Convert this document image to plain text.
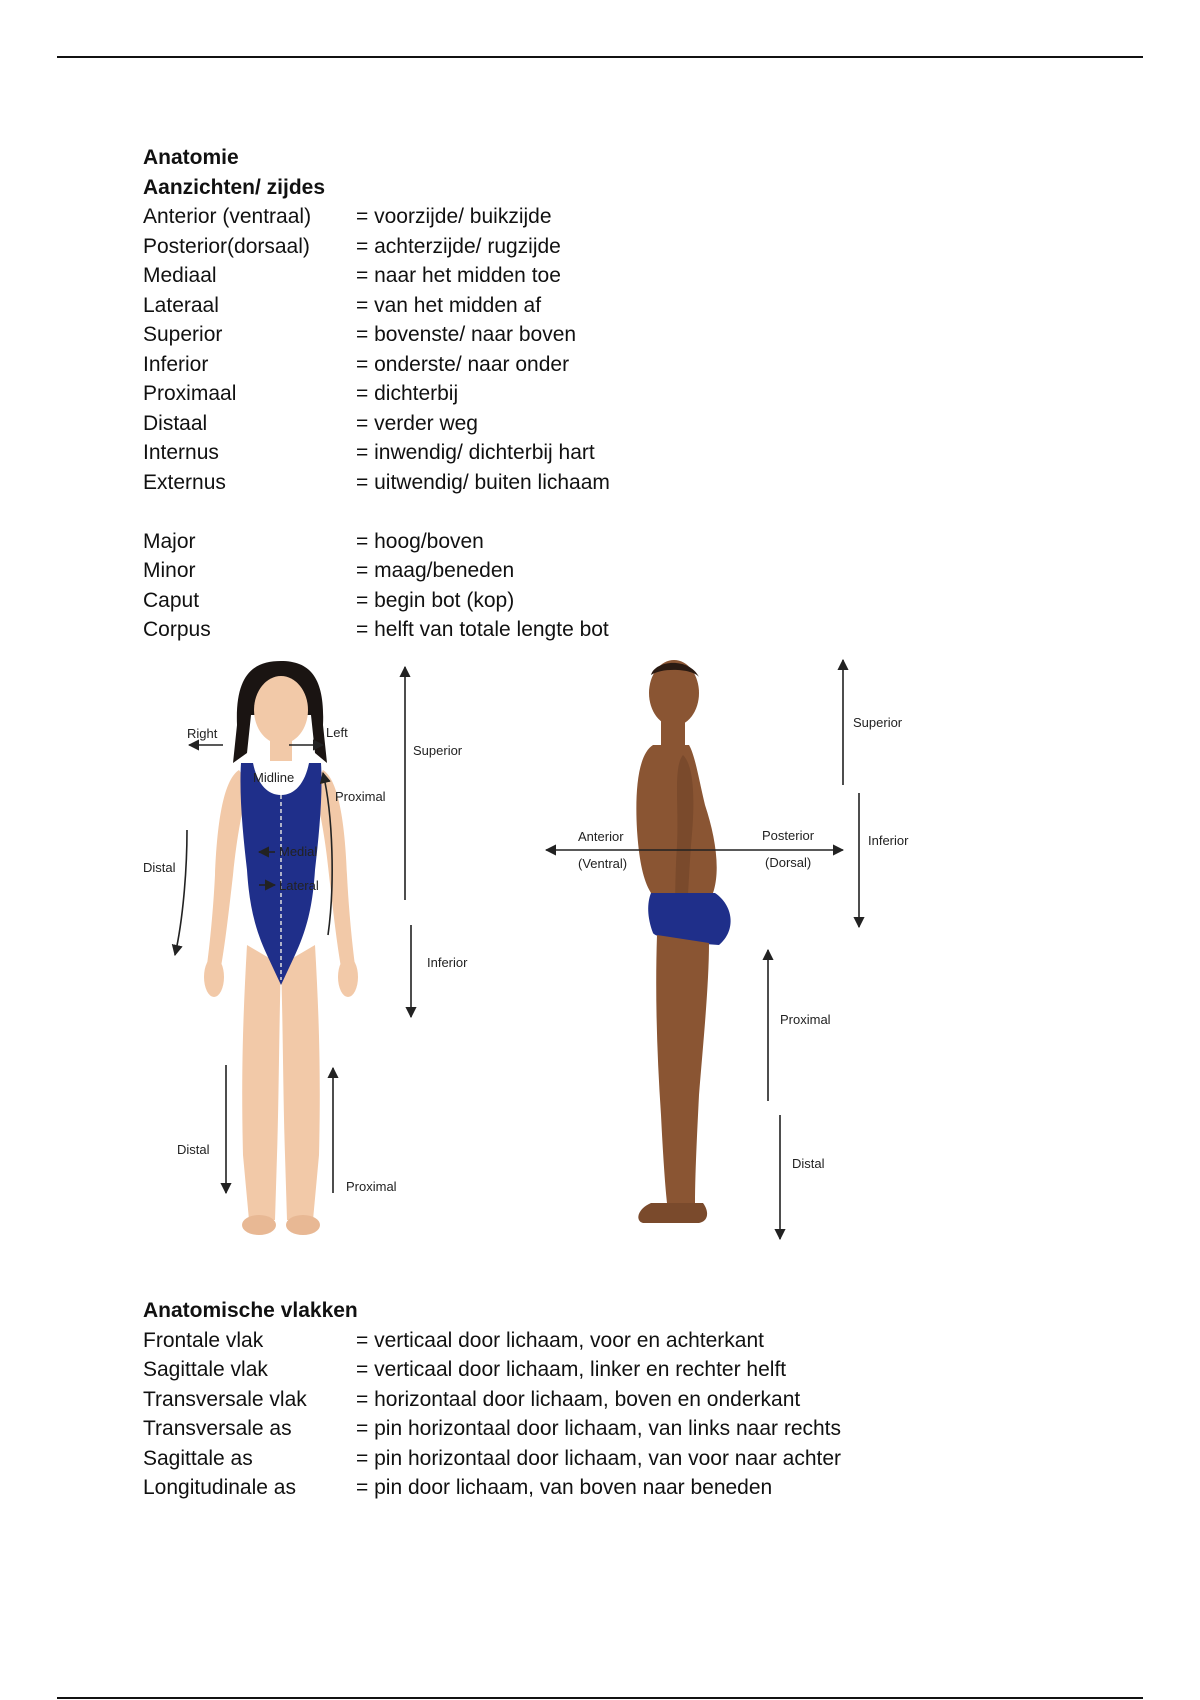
Anatomie
Aanzichten/ zijdes
Anterior (ventraal)	= voorzijde/ buikzijde
Posterior(dorsaal)	= achterzijde/ rugzijde
Mediaal	= naar het midden toe
Lateraal	= van het midden af
Superior	= bovenste/ naar boven
Inferior	= onderste/ naar onder
Proximaal	= dichterbij
Distaal	= verder weg
Internus	= inwendig/ dichterbij hart
Externus	= uitwendig/ buiten lichaam
Major	= hoog/boven
Minor	= maag/beneden
Caput	= begin bot (kop)
Corpus	= helft van totale lengte bot
Right	Left
Midline
Proximal
Superior
Medial
Lateral
Distal
Inferior
Distal
Proximal
Superior
Anterior
(Ventral)
Posterior
(Dorsal)
Inferior
Proximal
Distal
Anatomische vlakken
Frontale vlak	= verticaal door lichaam, voor en achterkant
Sagittale vlak	= verticaal door lichaam, linker en rechter helft
Transversale vlak	= horizontaal door lichaam, boven en onderkant
Transversale as	= pin horizontaal door lichaam, van links naar rechts
Sagittale as	= pin horizontaal door lichaam, van voor naar achter
Longitudinale as	= pin door lichaam, van boven naar beneden
